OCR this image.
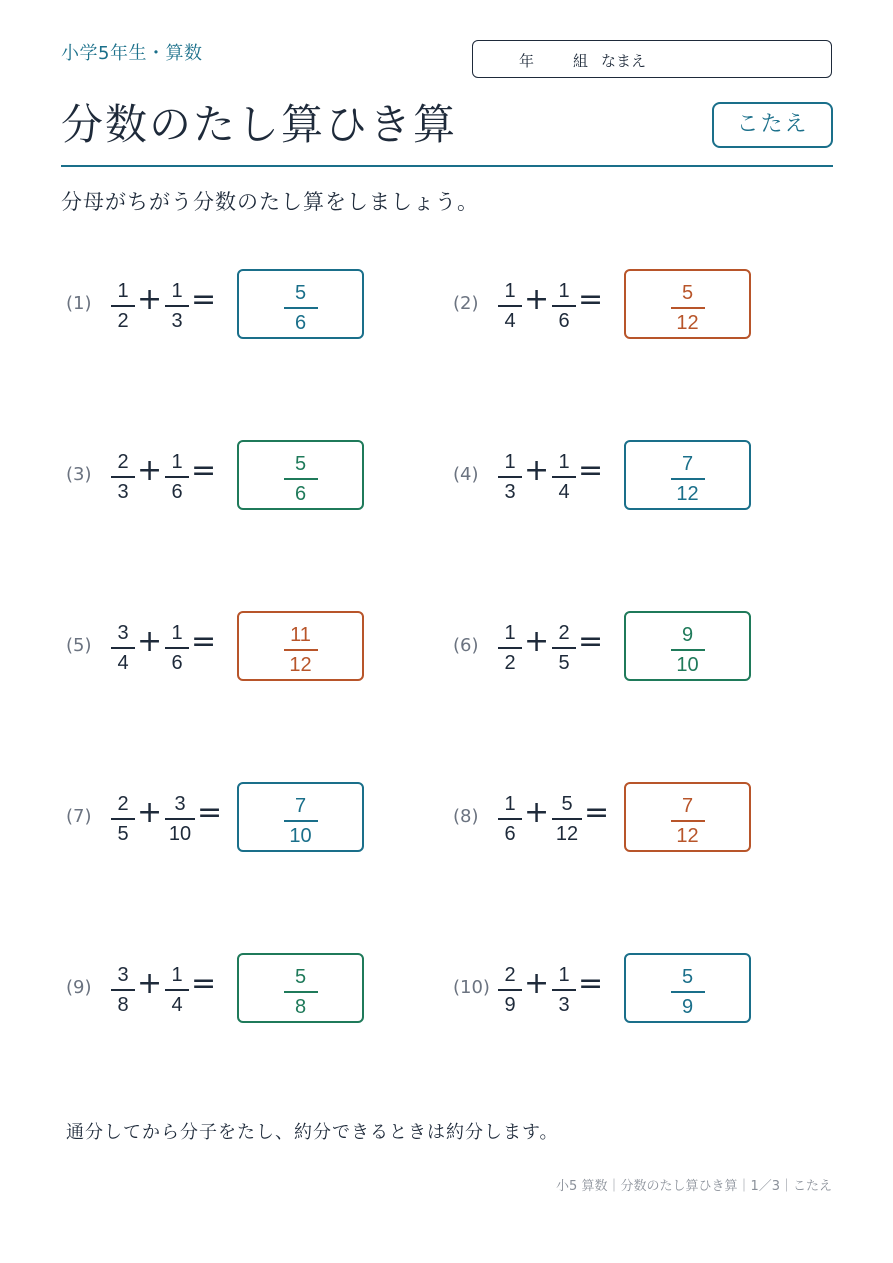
小学5年生・算数	年	組 なまえ
分数のたし算ひき算	こたえ
分母がちがう分数のたし算をしましょう。
(1)
1
2
+ 1
3
=	5
6
(2)
1
4
+ 1
6
=	5
12
(3)
2
3
+ 1
6
=	5
6
(4)
1
3
+ 1
4
=	7
12
(5)
3
4
+ 1
6
=	11
12
(6)
1
2
+ 2
5
=	9
10
(7)
2
5
+ 3
10
=	7
10
(8)
1
6
+ 5
12
=	7
12
(9)
3
8
+ 1
4
=	5
8
(10)
2
9
+ 1
3
=	5
9
通分してから分子をたし、約分できるときは約分します。
小5 算数｜分数のたし算ひき算｜1／3｜こたえ
